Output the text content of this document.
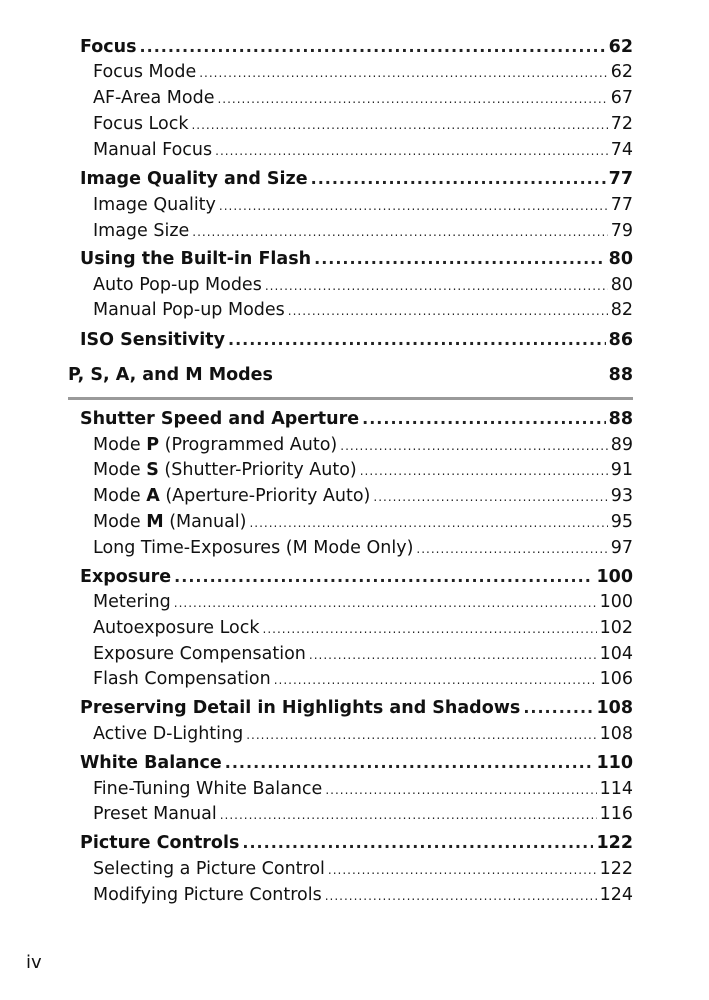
Focus .....	62
Focus Mode .....	62
AF-Area Mode .....	67
Focus Lock .....	72
Manual Focus .....	74
Image Quality and Size .....	77
Image Quality .....	77
Image Size .....	79
Using the Built-in Flash .....	80
Auto Pop-up Modes .....	80
Manual Pop-up Modes .....	82
ISO Sensitivity .....	86
P, S, A, and M Modes	88
Shutter Speed and Aperture .....	88
Mode P (Programmed Auto) .....	89
Mode S (Shutter-Priority Auto) .....	91
Mode A (Aperture-Priority Auto) .....	93
Mode M (Manual) .....	95
Long Time-Exposures (M Mode Only) .....	97
Exposure .....	100
Metering .....	100
Autoexposure Lock .....	102
Exposure Compensation .....	104
Flash Compensation .....	106
Preserving Detail in Highlights and Shadows .....	108
Active D-Lighting .....	108
White Balance .....	110
Fine-Tuning White Balance .....	114
Preset Manual .....	116
Picture Controls .....	122
Selecting a Picture Control .....	122
Modifying Picture Controls .....	124
iv
